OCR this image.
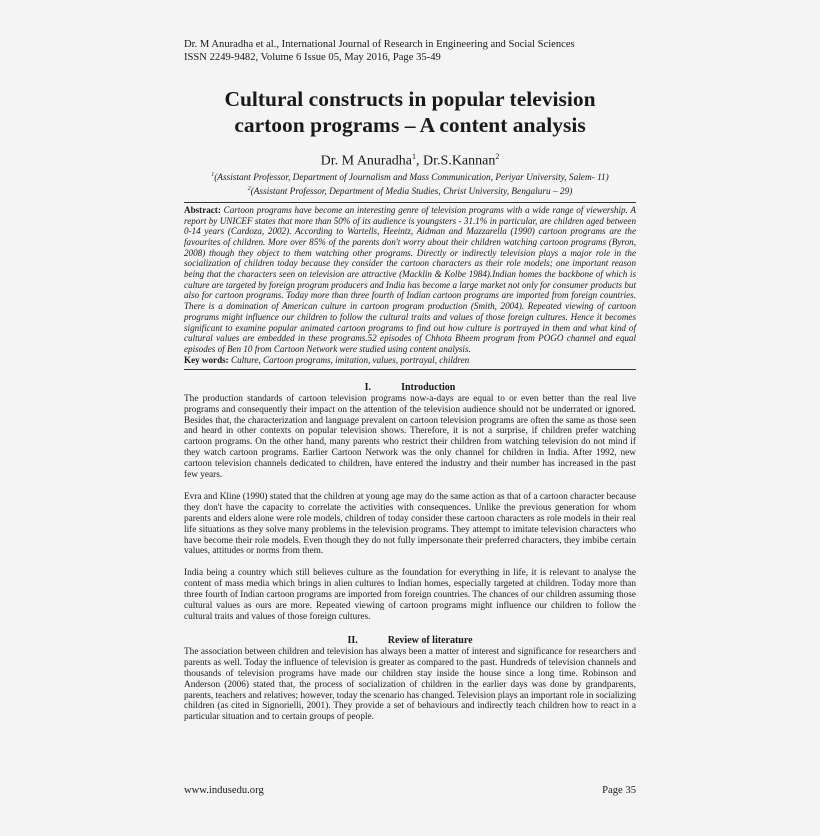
Dr. M Anuradha et al., International Journal of Research in Engineering and Social Sciences
ISSN 2249-9482, Volume 6 Issue 05, May 2016, Page 35-49
Cultural constructs in popular television
cartoon programs – A content analysis
Dr. M Anuradha$^1$, Dr.S.Kannan$^2$
$^1$(Assistant Professor, Department of Journalism and Mass Communication, Periyar University, Salem- 11)
$^2$(Assistant Professor, Department of Media Studies, Christ University, Bengaluru – 29)
Abstract: Cartoon programs have become an interesting genre of television programs with a wide range of viewership. A report by UNICEF states that more than 50% of its audience is youngsters - 31.1% in particular, are children aged between 0-14 years (Cardoza, 2002). According to Wartells, Heeintz, Aidman and Mazzarella (1990) cartoon programs are the favourites of children. More over 85% of the parents don't worry about their children watching cartoon programs (Byron, 2008) though they object to them watching other programs. Directly or indirectly television plays a major role in the socialization of children today because they consider the cartoon characters as their role models; one important reason being that the characters seen on television are attractive (Macklin & Kolbe 1984).Indian homes the backbone of which is culture are targeted by foreign program producers and India has become a large market not only for consumer products but also for cartoon programs. Today more than three fourth of Indian cartoon programs are imported from foreign countries. There is a domination of American culture in cartoon program production (Smith, 2004). Repeated viewing of cartoon programs might influence our children to follow the cultural traits and values of those foreign cultures. Hence it becomes significant to examine popular animated cartoon programs to find out how culture is portrayed in them and what kind of cultural values are embedded in these programs.52 episodes of Chhota Bheem program from POGO channel and equal episodes of Ben 10 from Cartoon Network were studied using content analysis.
Key words: Culture, Cartoon programs, imitation, values, portrayal, children
I.	Introduction

The production standards of cartoon television programs now-a-days are equal to or even better than the real live programs and consequently their impact on the attention of the television audience should not be underrated or ignored. Besides that, the characterization and language prevalent on cartoon television programs are often the same as those seen and heard in other contexts on popular television shows. Therefore, it is not a surprise, if children prefer watching cartoon programs. On the other hand, many parents who restrict their children from watching television do not mind if they watch cartoon programs. Earlier Cartoon Network was the only channel for children in India. After 1992, new cartoon television channels dedicated to children, have entered the industry and their number has increased in the past few years.

Evra and Kline (1990) stated that the children at young age may do the same action as that of a cartoon character because they don't have the capacity to correlate the activities with consequences. Unlike the previous generation for whom parents and elders alone were role models, children of today consider these cartoon characters as role models in their real life situations as they solve many problems in the television programs. They attempt to imitate television characters who have become their role models. Even though they do not fully impersonate their preferred characters, they imbibe certain values, attitudes or norms from them.

India being a country which still believes culture as the foundation for everything in life, it is relevant to analyse the content of mass media which brings in alien cultures to Indian homes, especially targeted at children. Today more than three fourth of Indian cartoon programs are imported from foreign countries. The chances of our children assuming those cultural values as ours are more. Repeated viewing of cartoon programs might influence our children to follow the cultural traits and values of those foreign cultures.

II.	Review of literature

The association between children and television has always been a matter of interest and significance for researchers and parents as well. Today the influence of television is greater as compared to the past. Hundreds of television channels and thousands of television programs have made our children stay inside the house since a long time. Robinson and Anderson (2006) stated that, the process of socialization of children in the earlier days was done by grandparents, parents, teachers and relatives; however, today the scenario has changed. Television plays an important role in socializing children (as cited in Signorielli, 2001). They provide a set of behaviours and indirectly teach children how to react in a particular situation and to certain groups of people.

www.indusedu.org	Page 35
